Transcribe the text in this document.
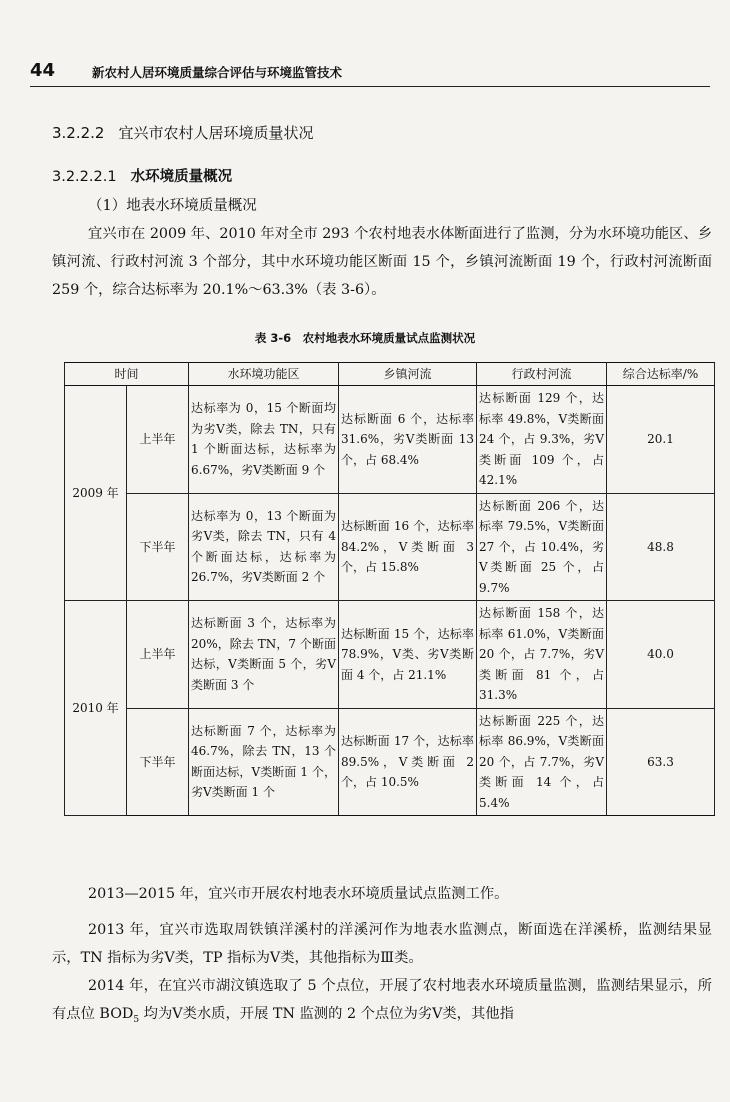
44	新农村人居环境质量综合评估与环境监管技术
3.2.2.2 宜兴市农村人居环境质量状况
3.2.2.2.1 水环境质量概况
（1）地表水环境质量概况
宜兴市在 2009 年、2010 年对全市 293 个农村地表水体断面进行了监测，分为水环境功能区、乡镇河流、行政村河流 3 个部分，其中水环境功能区断面 15 个，乡镇河流断面 19 个，行政村河流断面 259 个，综合达标率为 20.1%～63.3%（表 3-6）。
表 3-6　农村地表水环境质量试点监测状况
时间		水环境功能区	乡镇河流	行政村河流	综合达标率/%
2009 年	上半年	达标率为 0，15 个断面均为劣Ⅴ类，除去 TN，只有 1 个断面达标，达标率为 6.67%，劣Ⅴ类断面 9 个	达标断面 6 个，达标率 31.6%，劣Ⅴ类断面 13 个，占 68.4%	达标断面 129 个，达标率 49.8%，Ⅴ类断面 24 个，占 9.3%，劣Ⅴ类断面 109 个，占 42.1%	20.1
	下半年	达标率为 0，13 个断面为劣Ⅴ类，除去 TN，只有 4 个断面达标，达标率为 26.7%，劣Ⅴ类断面 2 个	达标断面 16 个，达标率 84.2%，Ⅴ类断面 3 个，占 15.8%	达标断面 206 个，达标率 79.5%，Ⅴ类断面 27 个，占 10.4%，劣Ⅴ类断面 25 个，占 9.7%	48.8
2010 年	上半年	达标断面 3 个，达标率为 20%，除去 TN，7 个断面达标，Ⅴ类断面 5 个，劣Ⅴ类断面 3 个	达标断面 15 个，达标率 78.9%，Ⅴ类、劣Ⅴ类断面 4 个，占 21.1%	达标断面 158 个，达标率 61.0%，Ⅴ类断面 20 个，占 7.7%，劣Ⅴ类断面 81 个，占 31.3%	40.0
	下半年	达标断面 7 个，达标率为 46.7%，除去 TN，13 个断面达标，Ⅴ类断面 1 个，劣Ⅴ类断面 1 个	达标断面 17 个，达标率 89.5%，Ⅴ类断面 2 个，占 10.5%	达标断面 225 个，达标率 86.9%，Ⅴ类断面 20 个，占 7.7%，劣Ⅴ类断面 14 个，占 5.4%	63.3
2013—2015 年，宜兴市开展农村地表水环境质量试点监测工作。
2013 年，宜兴市选取周铁镇洋溪村的洋溪河作为地表水监测点，断面选在洋溪桥，监测结果显示，TN 指标为劣Ⅴ类，TP 指标为Ⅴ类，其他指标为Ⅲ类。
2014 年，在宜兴市湖汶镇选取了 5 个点位，开展了农村地表水环境质量监测，监测结果显示，所有点位 $BOD_5$ 均为Ⅴ类水质，开展 TN 监测的 2 个点位为劣Ⅴ类，其他指
